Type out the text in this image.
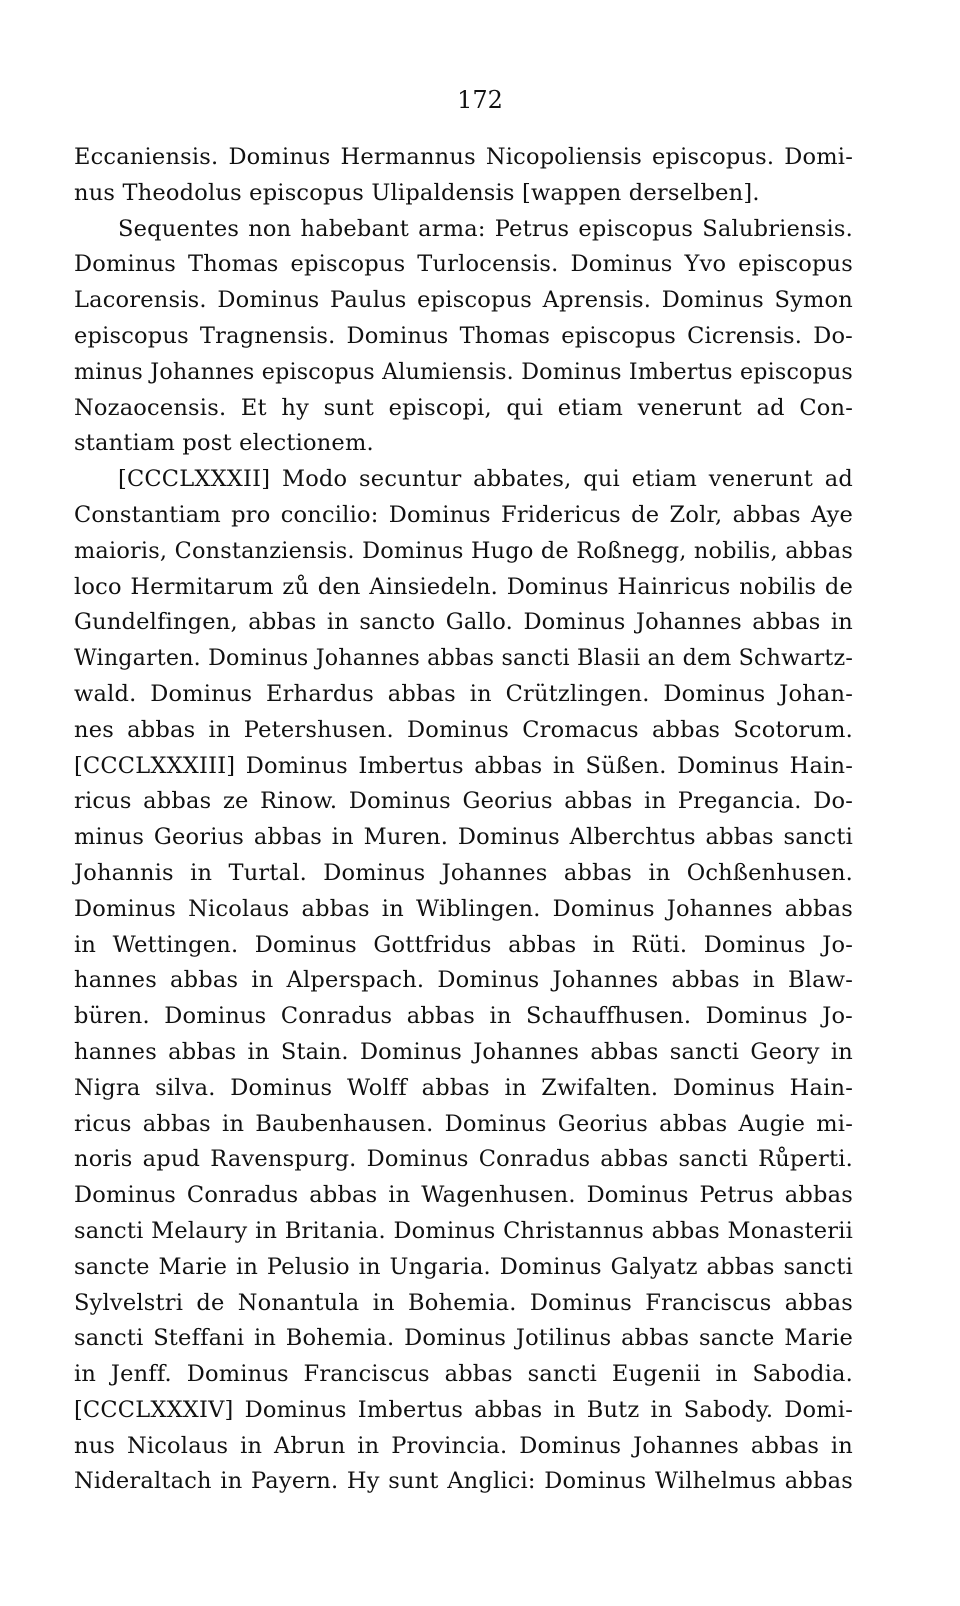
172
Eccaniensis. Dominus Hermannus Nicopoliensis episcopus. Domi-
nus Theodolus episcopus Ulipaldensis [wappen derselben].
Sequentes non habebant arma: Petrus episcopus Salubriensis.
Dominus Thomas episcopus Turlocensis. Dominus Yvo episcopus
Lacorensis. Dominus Paulus episcopus Aprensis. Dominus Symon
episcopus Tragnensis. Dominus Thomas episcopus Cicrensis. Do-
minus Johannes episcopus Alumiensis. Dominus Imbertus episcopus
Nozaocensis. Et hy sunt episcopi, qui etiam venerunt ad Con-
stantiam post electionem.
[CCCLXXXII] Modo secuntur abbates, qui etiam venerunt ad
Constantiam pro concilio: Dominus Fridericus de Zolr, abbas Aye
maioris, Constanziensis. Dominus Hugo de Roßnegg, nobilis, abbas
loco Hermitarum zů den Ainsiedeln. Dominus Hainricus nobilis de
Gundelfingen, abbas in sancto Gallo. Dominus Johannes abbas in
Wingarten. Dominus Johannes abbas sancti Blasii an dem Schwartz-
wald. Dominus Erhardus abbas in Crützlingen. Dominus Johan-
nes abbas in Petershusen. Dominus Cromacus abbas Scotorum.
[CCCLXXXIII] Dominus Imbertus abbas in Süßen. Dominus Hain-
ricus abbas ze Rinow. Dominus Georius abbas in Pregancia. Do-
minus Georius abbas in Muren. Dominus Alberchtus abbas sancti
Johannis in Turtal. Dominus Johannes abbas in Ochßenhusen.
Dominus Nicolaus abbas in Wiblingen. Dominus Johannes abbas
in Wettingen. Dominus Gottfridus abbas in Rüti. Dominus Jo-
hannes abbas in Alperspach. Dominus Johannes abbas in Blaw-
büren. Dominus Conradus abbas in Schauffhusen. Dominus Jo-
hannes abbas in Stain. Dominus Johannes abbas sancti Geory in
Nigra silva. Dominus Wolff abbas in Zwifalten. Dominus Hain-
ricus abbas in Baubenhausen. Dominus Georius abbas Augie mi-
noris apud Ravenspurg. Dominus Conradus abbas sancti Růperti.
Dominus Conradus abbas in Wagenhusen. Dominus Petrus abbas
sancti Melaury in Britania. Dominus Christannus abbas Monasterii
sancte Marie in Pelusio in Ungaria. Dominus Galyatz abbas sancti
Sylvelstri de Nonantula in Bohemia. Dominus Franciscus abbas
sancti Steffani in Bohemia. Dominus Jotilinus abbas sancte Marie
in Jenff. Dominus Franciscus abbas sancti Eugenii in Sabodia.
[CCCLXXXIV] Dominus Imbertus abbas in Butz in Sabody. Domi-
nus Nicolaus in Abrun in Provincia. Dominus Johannes abbas in
Nideraltach in Payern. Hy sunt Anglici: Dominus Wilhelmus abbas
